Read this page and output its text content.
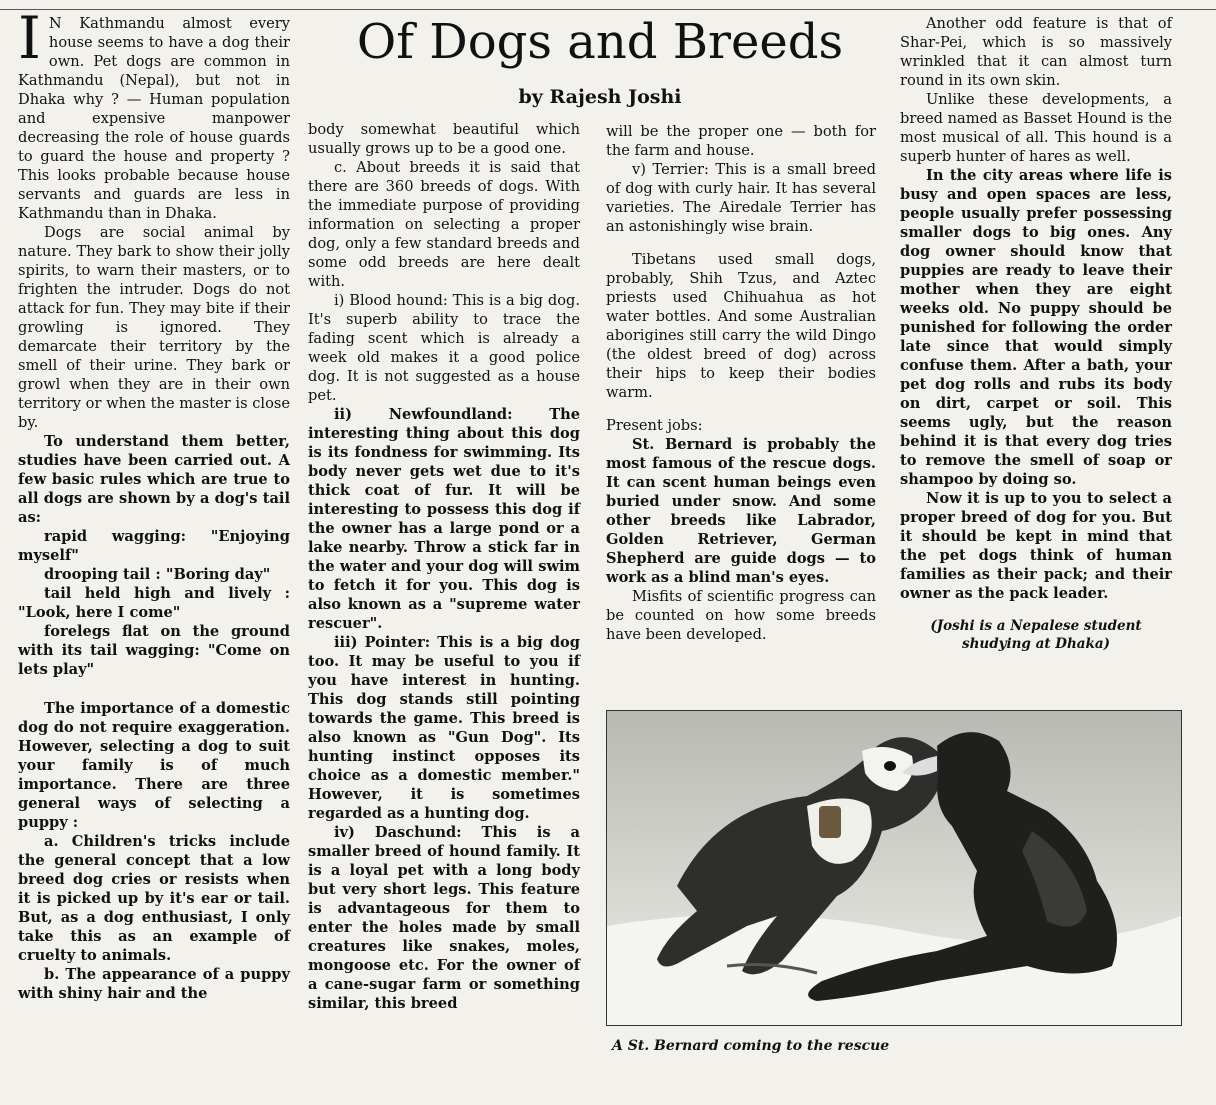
Of Dogs and Breeds
by Rajesh Joshi

I N Kathmandu almost every house seems to have a dog their own. Pet dogs are common in Kathmandu (Nepal), but not in Dhaka why ? — Human population and expensive manpower decreasing the role of house guards to guard the house and property ? This looks probable because house servants and guards are less in Kathmandu than in Dhaka.

Dogs are social animal by nature. They bark to show their jolly spirits, to warn their masters, or to frighten the intruder. Dogs do not attack for fun. They may bite if their growling is ignored. They demarcate their territory by the smell of their urine. They bark or growl when they are in their own territory or when the master is close by.

To understand them better, studies have been carried out. A few basic rules which are true to all dogs are shown by a dog's tail as:

rapid wagging: "Enjoying myself"

drooping tail : "Boring day"

tail held high and lively : "Look, here I come"

forelegs flat on the ground with its tail wagging: "Come on lets play"

The importance of a domestic dog do not require exaggeration. However, selecting a dog to suit your family is of much importance. There are three general ways of selecting a puppy :

a. Children's tricks include the general concept that a low breed dog cries or resists when it is picked up by it's ear or tail. But, as a dog enthusiast, I only take this as an example of cruelty to animals.

b. The appearance of a puppy with shiny hair and the

body somewhat beautiful which usually grows up to be a good one.

c. About breeds it is said that there are 360 breeds of dogs. With the immediate purpose of providing information on selecting a proper dog, only a few standard breeds and some odd breeds are here dealt with.

i) Blood hound: This is a big dog. It's superb ability to trace the fading scent which is already a week old makes it a good police dog. It is not suggested as a house pet.

ii) Newfoundland: The interesting thing about this dog is its fondness for swimming. Its body never gets wet due to it's thick coat of fur. It will be interesting to possess this dog if the owner has a large pond or a lake nearby. Throw a stick far in the water and your dog will swim to fetch it for you. This dog is also known as a "supreme water rescuer".

iii) Pointer: This is a big dog too. It may be useful to you if you have interest in hunting. This dog stands still pointing towards the game. This breed is also known as "Gun Dog". Its hunting instinct opposes its choice as a domestic member." However, it is sometimes regarded as a hunting dog.

iv) Daschund: This is a smaller breed of hound family. It is a loyal pet with a long body but very short legs. This feature is advantageous for them to enter the holes made by small creatures like snakes, moles, mongoose etc. For the owner of a cane-sugar farm or something similar, this breed

will be the proper one — both for the farm and house.

v) Terrier: This is a small breed of dog with curly hair. It has several varieties. The Airedale Terrier has an astonishingly wise brain.

Tibetans used small dogs, probably, Shih Tzus, and Aztec priests used Chihuahua as hot water bottles. And some Australian aborigines still carry the wild Dingo (the oldest breed of dog) across their hips to keep their bodies warm.

Present jobs:

St. Bernard is probably the most famous of the rescue dogs. It can scent human beings even buried under snow. And some other breeds like Labrador, Golden Retriever, German Shepherd are guide dogs — to work as a blind man's eyes.

Misfits of scientific progress can be counted on how some breeds have been developed.

Another odd feature is that of Shar-Pei, which is so massively wrinkled that it can almost turn round in its own skin.

Unlike these developments, a breed named as Basset Hound is the most musical of all. This hound is a superb hunter of hares as well.

In the city areas where life is busy and open spaces are less, people usually prefer possessing smaller dogs to big ones. Any dog owner should know that puppies are ready to leave their mother when they are eight weeks old. No puppy should be punished for following the order late since that would simply confuse them. After a bath, your pet dog rolls and rubs its body on dirt, carpet or soil. This seems ugly, but the reason behind it is that every dog tries to remove the smell of soap or shampoo by doing so.

Now it is up to you to select a proper breed of dog for you. But it should be kept in mind that the pet dogs think of human families as their pack; and their owner as the pack leader.

(Joshi is a Nepalese student shudying at Dhaka)
A St. Bernard coming to the rescue
